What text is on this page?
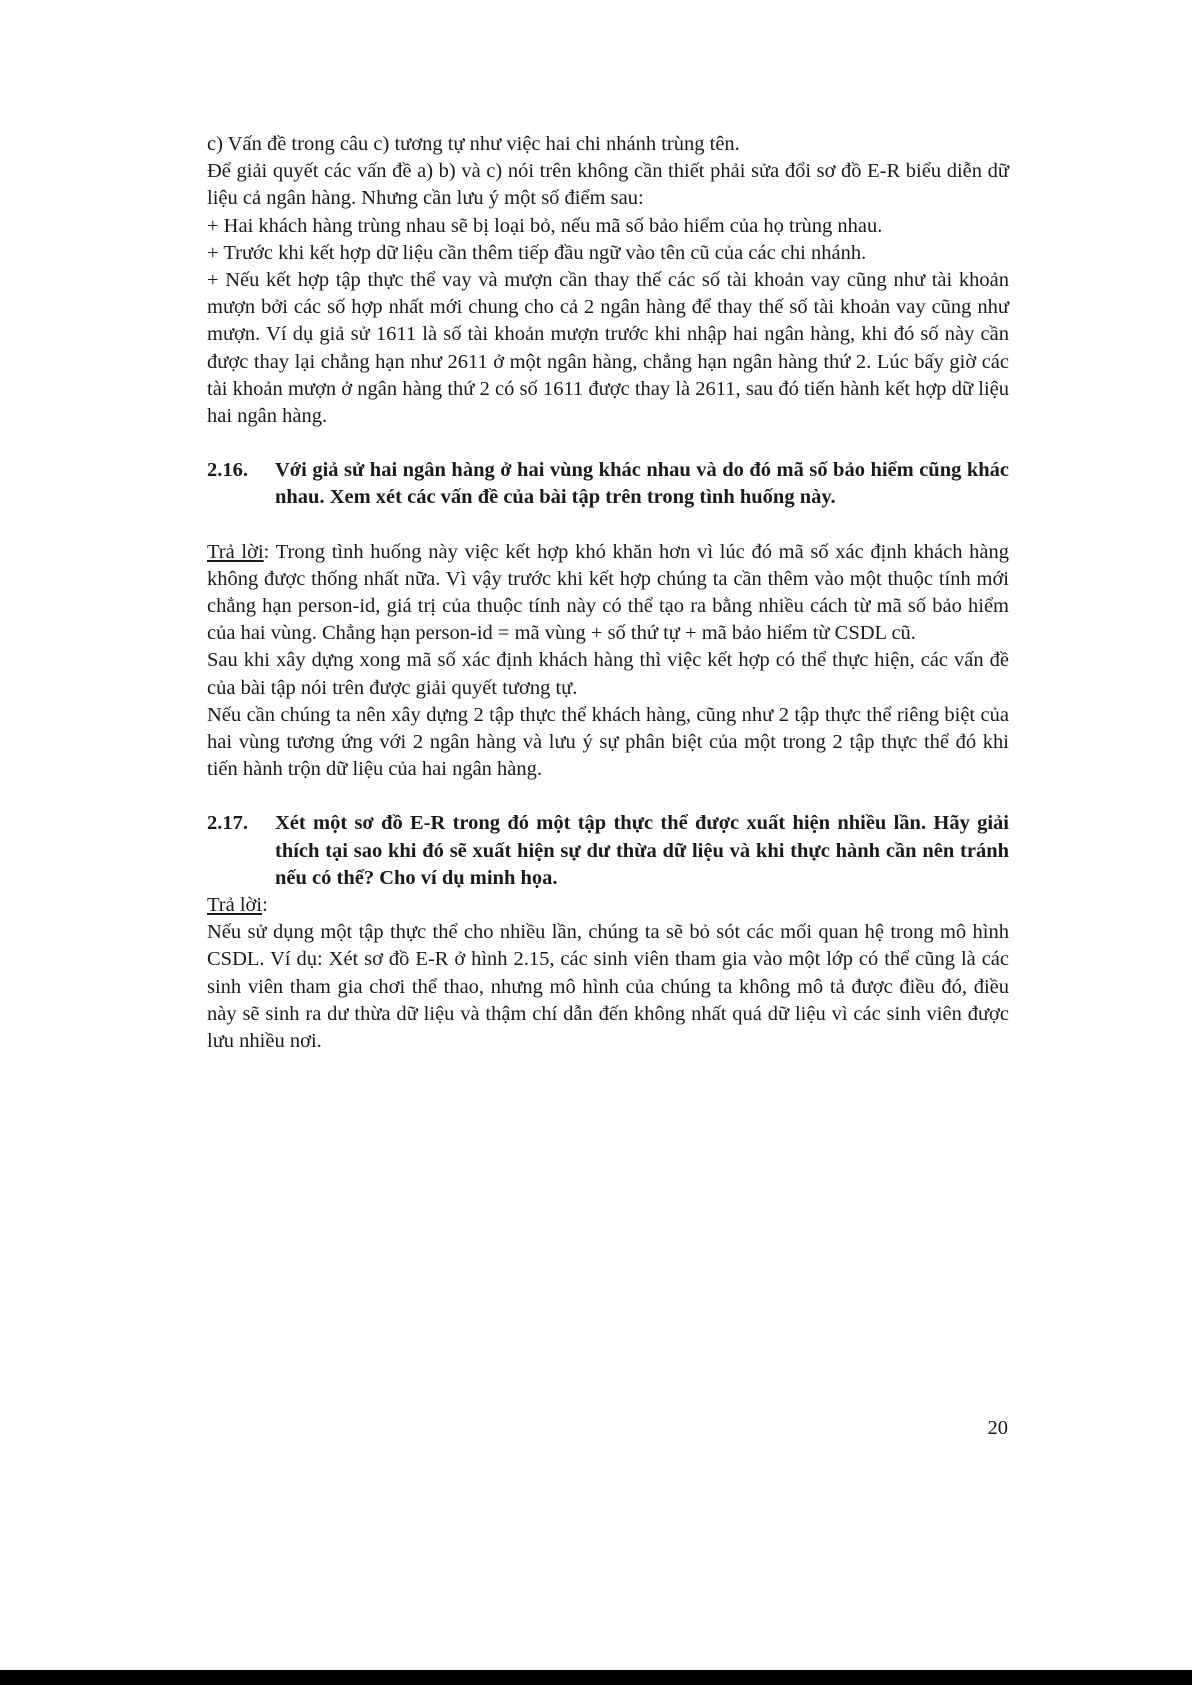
c) Vấn đề trong câu c) tương tự như việc hai chi nhánh trùng tên.

Để giải quyết các vấn đề a) b) và c) nói trên không cần thiết phải sửa đổi sơ đồ E-R biểu diễn dữ liệu cả ngân hàng. Nhưng cần lưu ý một số điểm sau:

+ Hai khách hàng trùng nhau sẽ bị loại bỏ, nếu mã số bảo hiểm của họ trùng nhau.

+ Trước khi kết hợp dữ liệu cần thêm tiếp đầu ngữ vào tên cũ của các chi nhánh.

+ Nếu kết hợp tập thực thể vay và mượn cần thay thế các số tài khoản vay cũng như tài khoản mượn bởi các số hợp nhất mới chung cho cả 2 ngân hàng để thay thế số tài khoản vay cũng như mượn. Ví dụ giả sử 1611 là số tài khoản mượn trước khi nhập hai ngân hàng, khi đó số này cần được thay lại chẳng hạn như 2611 ở một ngân hàng, chẳng hạn ngân hàng thứ 2. Lúc bấy giờ các tài khoản mượn ở ngân hàng thứ 2 có số 1611 được thay là 2611, sau đó tiến hành kết hợp dữ liệu hai ngân hàng.

2.16.	Với giả sử hai ngân hàng ở hai vùng khác nhau và do đó mã số bảo hiểm cũng khác nhau. Xem xét các vấn đề của bài tập trên trong tình huống này.

Trả lời: Trong tình huống này việc kết hợp khó khăn hơn vì lúc đó mã số xác định khách hàng không được thống nhất nữa. Vì vậy trước khi kết hợp chúng ta cần thêm vào một thuộc tính mới chẳng hạn person-id, giá trị của thuộc tính này có thể tạo ra bằng nhiều cách từ mã số bảo hiểm của hai vùng. Chẳng hạn person-id = mã vùng + số thứ tự + mã bảo hiểm từ CSDL cũ.

Sau khi xây dựng xong mã số xác định khách hàng thì việc kết hợp có thể thực hiện, các vấn đề của bài tập nói trên được giải quyết tương tự.

Nếu cần chúng ta nên xây dựng 2 tập thực thể khách hàng, cũng như 2 tập thực thể riêng biệt của hai vùng tương ứng với 2 ngân hàng và lưu ý sự phân biệt của một trong 2 tập thực thể đó khi tiến hành trộn dữ liệu của hai ngân hàng.

2.17.	Xét một sơ đồ E-R trong đó một tập thực thể được xuất hiện nhiều lần. Hãy giải thích tại sao khi đó sẽ xuất hiện sự dư thừa dữ liệu và khi thực hành cần nên tránh nếu có thể? Cho ví dụ minh họa.

Trả lời:

Nếu sử dụng một tập thực thể cho nhiều lần, chúng ta sẽ bỏ sót các mối quan hệ trong mô hình CSDL. Ví dụ: Xét sơ đồ E-R ở hình 2.15, các sinh viên tham gia vào một lớp có thể cũng là các sinh viên tham gia chơi thể thao, nhưng mô hình của chúng ta không mô tả được điều đó, điều này sẽ sinh ra dư thừa dữ liệu và thậm chí dẫn đến không nhất quá dữ liệu vì các sinh viên được lưu nhiều nơi.

20
